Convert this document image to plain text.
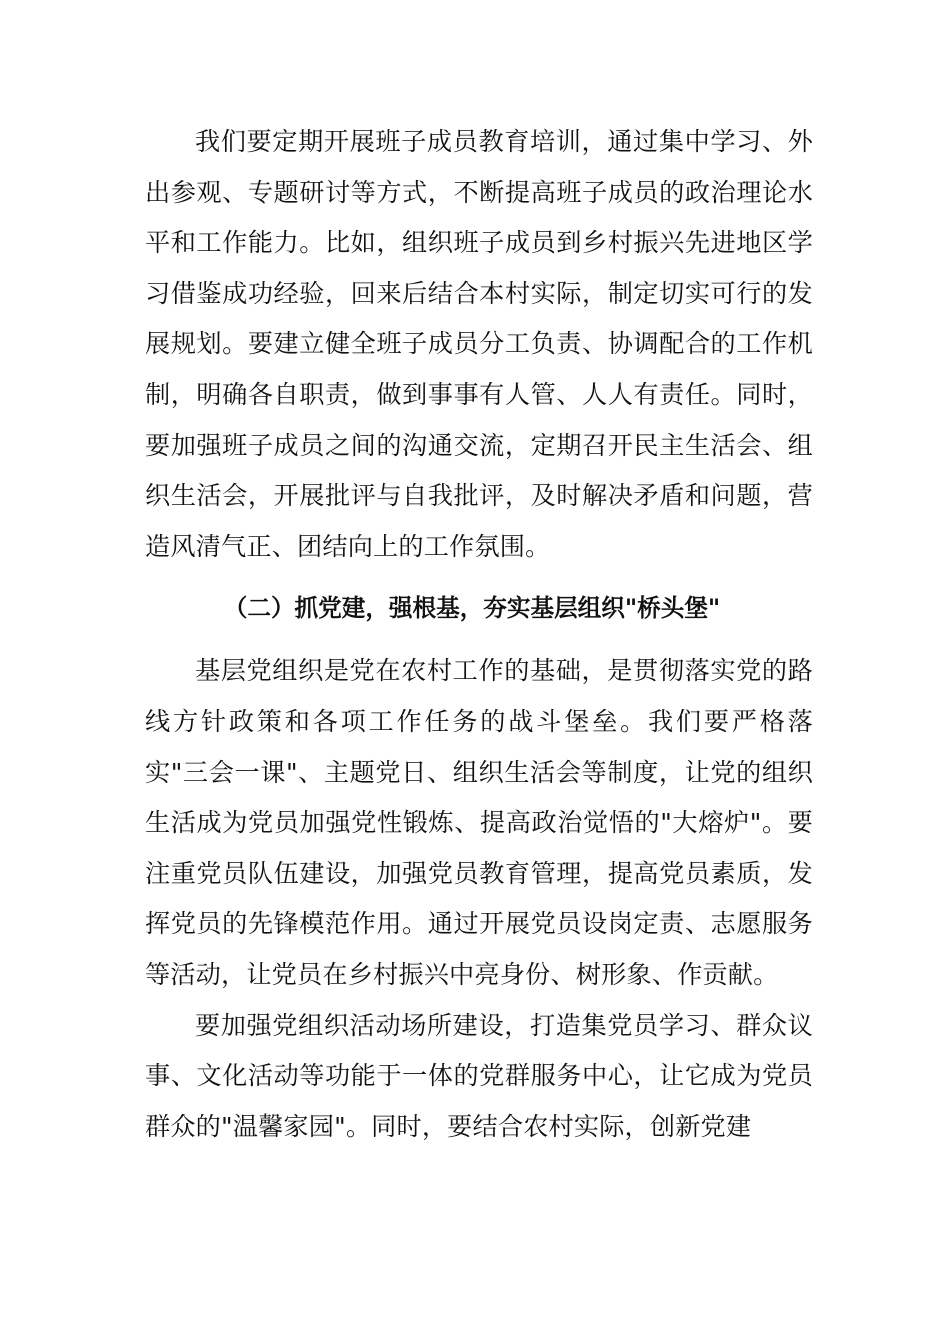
我们要定期开展班子成员教育培训，通过集中学习、外出参观、专题研讨等方式，不断提高班子成员的政治理论水平和工作能力。比如，组织班子成员到乡村振兴先进地区学习借鉴成功经验，回来后结合本村实际，制定切实可行的发展规划。要建立健全班子成员分工负责、协调配合的工作机制，明确各自职责，做到事事有人管、人人有责任。同时，要加强班子成员之间的沟通交流，定期召开民主生活会、组织生活会，开展批评与自我批评，及时解决矛盾和问题，营造风清气正、团结向上的工作氛围。

（二）抓党建，强根基，夯实基层组织"桥头堡"

基层党组织是党在农村工作的基础，是贯彻落实党的路线方针政策和各项工作任务的战斗堡垒。我们要严格落实"三会一课"、主题党日、组织生活会等制度，让党的组织生活成为党员加强党性锻炼、提高政治觉悟的"大熔炉"。要注重党员队伍建设，加强党员教育管理，提高党员素质，发挥党员的先锋模范作用。通过开展党员设岗定责、志愿服务等活动，让党员在乡村振兴中亮身份、树形象、作贡献。

要加强党组织活动场所建设，打造集党员学习、群众议事、文化活动等功能于一体的党群服务中心，让它成为党员群众的"温馨家园"。同时，要结合农村实际，创新党建
